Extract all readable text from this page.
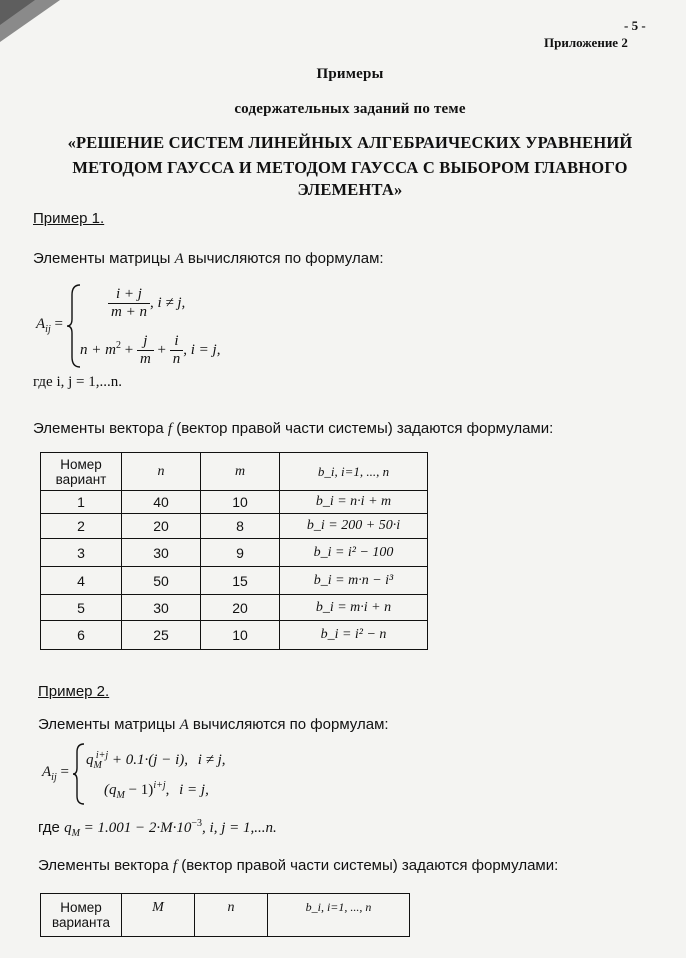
- 5 -
Приложение 2
Примеры
содержательных заданий по теме
«РЕШЕНИЕ СИСТЕМ ЛИНЕЙНЫХ АЛГЕБРАИЧЕСКИХ УРАВНЕНИЙ
МЕТОДОМ ГАУССА И МЕТОДОМ ГАУССА С ВЫБОРОМ ГЛАВНОГО
ЭЛЕМЕНТА»
Пример 1.
Элементы матрицы A вычисляются по формулам:
$A_{ij}$ =
$\frac{i + j}{m + n}$ , i ≠ j,
$n + m^2 + \frac{j}{m} + \frac{i}{n}$ , i = j,
где i, j = 1,...n.
Элементы вектора f (вектор правой части системы) задаются формулами:
Номер вариант	n	m	b_i, i=1, ..., n
1	40	10	b_i = n·i + m
2	20	8	b_i = 200 + 50·i
3	30	9	b_i = i² − 100
4	50	15	b_i = m·n − i³
5	30	20	b_i = m·i + n
6	25	10	b_i = i² − n
Пример 2.
Элементы матрицы A вычисляются по формулам:
$A_{ij}$ =
$q_M^{i+j} + 0.1\cdot(j - i)$, i ≠ j,
$(q_M - 1)^{i+j}$, i = j,
где $q_M = 1.001 - 2\cdot M\cdot 10^{-3}$, i, j = 1,...n.
Элементы вектора f (вектор правой части системы) задаются формулами:
Номер варианта	M	n	b_i, i=1, ..., n
